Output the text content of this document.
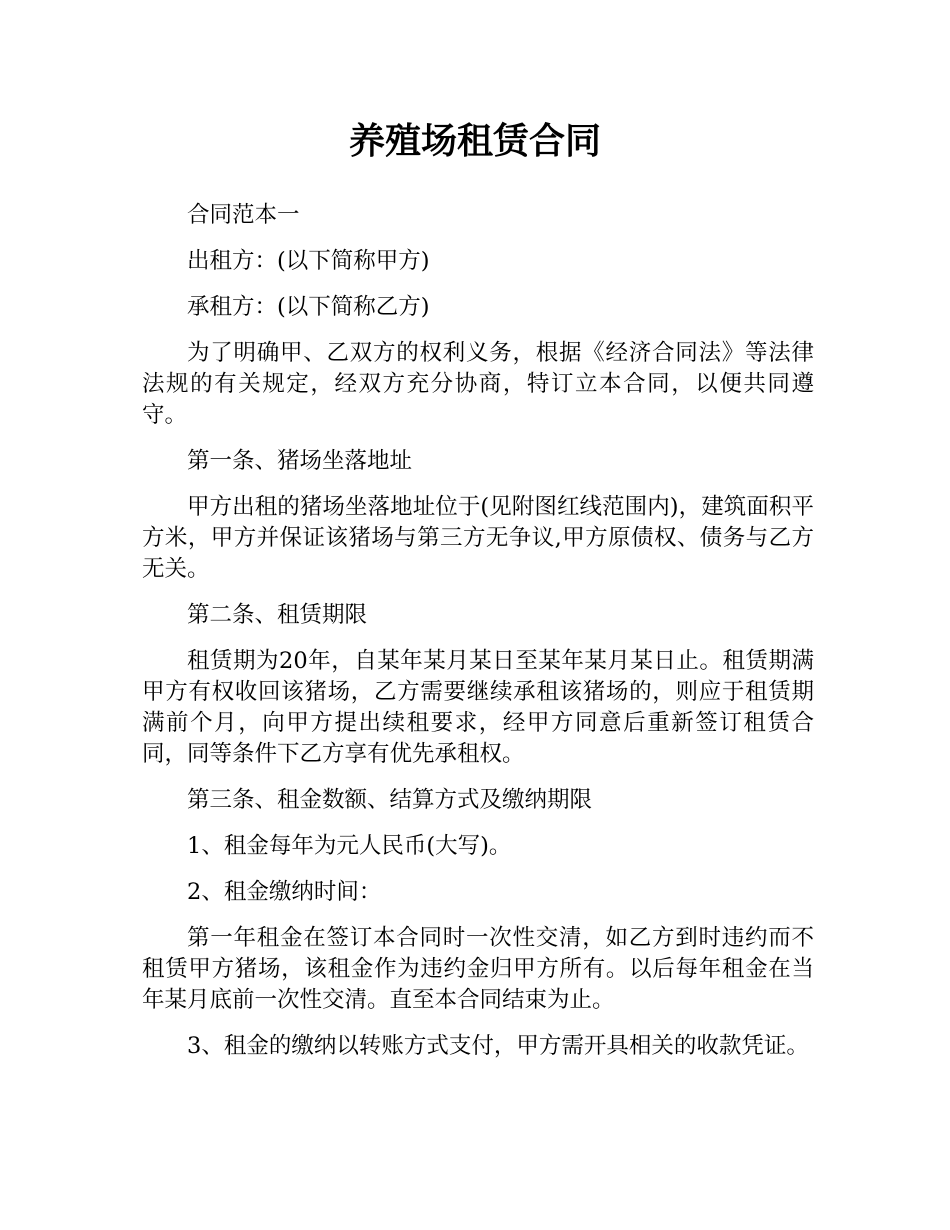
养殖场租赁合同

合同范本一

出租方：(以下简称甲方)

承租方：(以下简称乙方)

为了明确甲、乙双方的权利义务，根据《经济合同法》等法律法规的有关规定，经双方充分协商，特订立本合同，以便共同遵守。

第一条、猪场坐落地址

甲方出租的猪场坐落地址位于(见附图红线范围内)，建筑面积平方米，甲方并保证该猪场与第三方无争议,甲方原债权、债务与乙方无关。

第二条、租赁期限

租赁期为20年，自某年某月某日至某年某月某日止。租赁期满甲方有权收回该猪场，乙方需要继续承租该猪场的，则应于租赁期满前个月，向甲方提出续租要求，经甲方同意后重新签订租赁合同，同等条件下乙方享有优先承租权。

第三条、租金数额、结算方式及缴纳期限

1、租金每年为元人民币(大写)。

2、租金缴纳时间：

第一年租金在签订本合同时一次性交清，如乙方到时违约而不租赁甲方猪场，该租金作为违约金归甲方所有。以后每年租金在当年某月底前一次性交清。直至本合同结束为止。

3、租金的缴纳以转账方式支付，甲方需开具相关的收款凭证。
